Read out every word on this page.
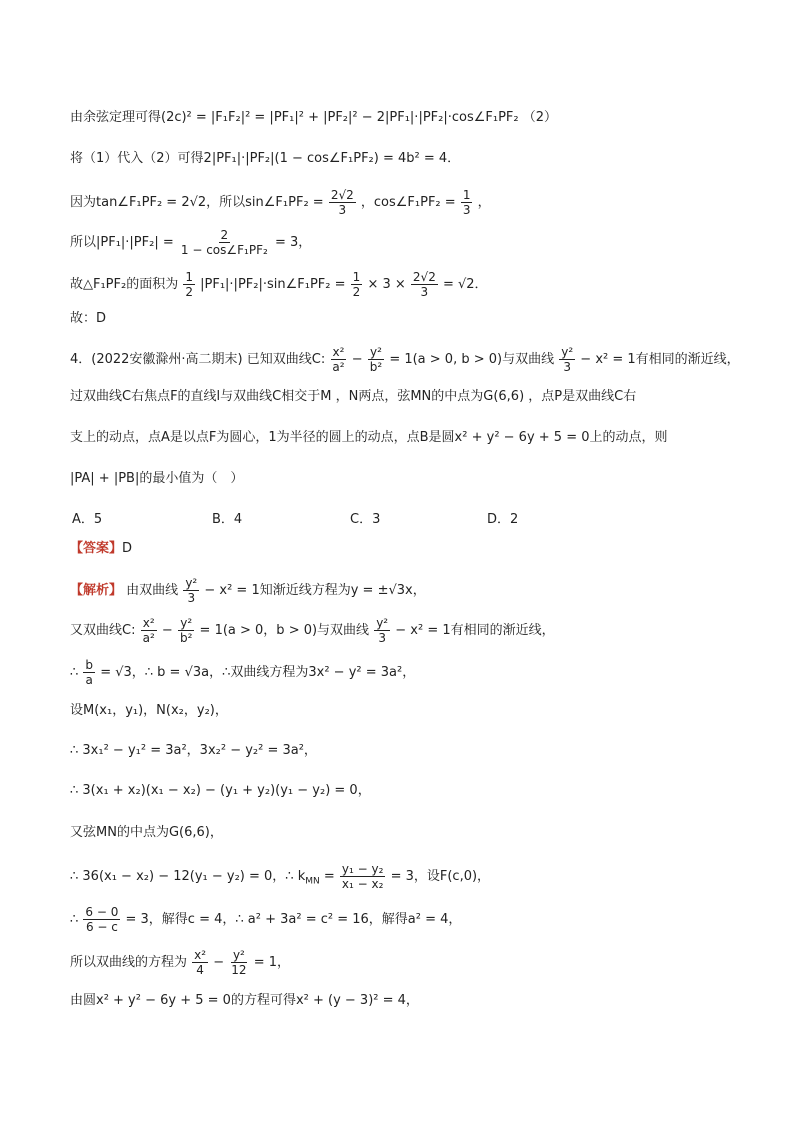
由余弦定理可得(2c)² = |F₁F₂|² = |PF₁|² + |PF₂|² − 2|PF₁|·|PF₂|·cos∠F₁PF₂ （2）
将（1）代入（2）可得2|PF₁|·|PF₂|(1 − cos∠F₁PF₂) = 4b² = 4．
因为tan∠F₁PF₂ = 2√2，所以sin∠F₁PF₂ = $\frac{2√2}{3}$ ，cos∠F₁PF₂ = $\frac{1}{3}$ ，
所以$|PF_1|\cdot|PF_2| = \frac{2}{\text{1 − cos∠F₁PF₂}} = 3$，
故△F₁PF₂的面积为 $\frac{1}{2}$ |PF₁|·|PF₂|·sin∠F₁PF₂ = $\frac{1}{2} \times 3 \times \frac{2√2}{3} = √2$．
故：D
4．(2022安徽滁州·高二期末) 已知双曲线C: $\frac{\text{x²}}{\text{a²}} - \frac{\text{y²}}{\text{b²}} = 1(a > 0$, b > 0)与双曲线 $\frac{\text{y²}}{3} - x^2 = 1$有相同的渐近线，
过双曲线C右焦点F的直线l与双曲线C相交于M ，N两点，弦MN的中点为G(6,6) ，点P是双曲线C右
支上的动点，点A是以点F为圆心，1为半径的圆上的动点，点B是圆x² + y² − 6y + 5 = 0上的动点，则
|PA| + |PB|的最小值为（　）
A．5	B．4	C．3	D．2
【答案】D
【解析】 由双曲线 $\frac{\text{y²}}{3} - x^2 = 1$知渐近线方程为y = ±√3x，
又双曲线C: $\frac{\text{x²}}{\text{a²}} - \frac{\text{y²}}{\text{b²}} = 1(a > 0$，b > 0)与双曲线 $\frac{\text{y²}}{3} - x^2 = 1$有相同的渐近线，
∴ $\frac{b}{a} = √3$，∴ b = √3a，∴双曲线方程为3x² − y² = 3a²，
设M(x₁，y₁)，N(x₂，y₂)，
∴ 3x₁² − y₁² = 3a²，3x₂² − y₂² = 3a²，
∴ 3(x₁ + x₂)(x₁ − x₂) − (y₁ + y₂)(y₁ − y₂) = 0，
又弦MN的中点为G(6,6)，
∴ 36(x₁ − x₂) − 12(y₁ − y₂) = 0，∴ $k_{MN} = \frac{\text{y₁ − y₂}}{\text{x₁ − x₂}} = 3$，设F(c,0)，
∴ $\frac{6 - 0}{6 - c} = 3$，解得c = 4，∴ a² + 3a² = c² = 16，解得a² = 4，
所以双曲线的方程为 $\frac{\text{x²}}{4} - \frac{\text{y²}}{12} = 1$，
由圆x² + y² − 6y + 5 = 0的方程可得x² + (y − 3)² = 4，
